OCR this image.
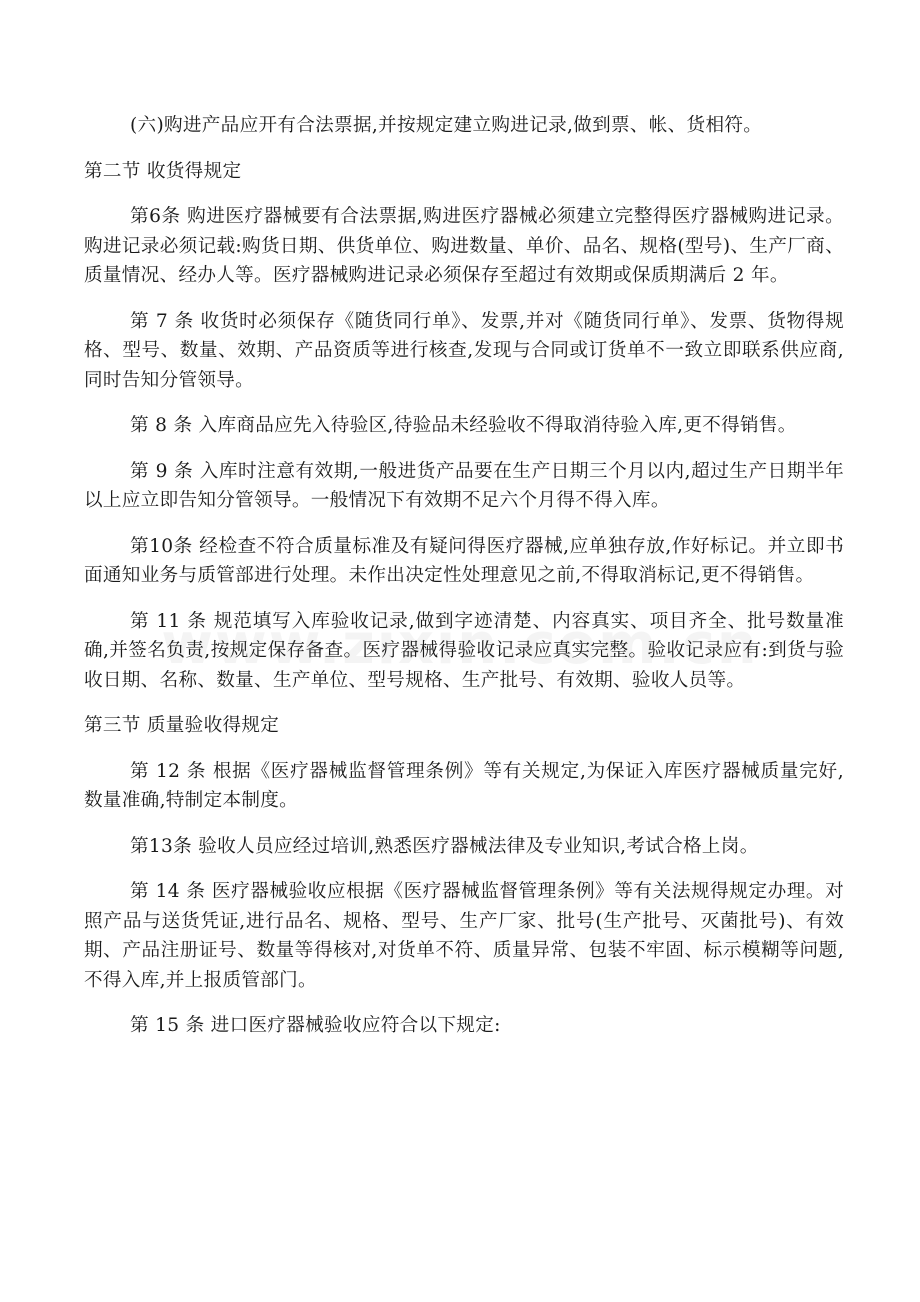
(六)购进产品应开有合法票据,并按规定建立购进记录,做到票、帐、货相符。

第二节 收货得规定

第6条 购进医疗器械要有合法票据,购进医疗器械必须建立完整得医疗器械购进记录。购进记录必须记载:购货日期、供货单位、购进数量、单价、品名、规格(型号)、生产厂商、质量情况、经办人等。医疗器械购进记录必须保存至超过有效期或保质期满后 2 年。

第 7 条 收货时必须保存《随货同行单》、发票,并对《随货同行单》、发票、货物得规格、型号、数量、效期、产品资质等进行核查,发现与合同或订货单不一致立即联系供应商,同时告知分管领导。

第 8 条 入库商品应先入待验区,待验品未经验收不得取消待验入库,更不得销售。

第 9 条 入库时注意有效期,一般进货产品要在生产日期三个月以内,超过生产日期半年以上应立即告知分管领导。一般情况下有效期不足六个月得不得入库。

第10条 经检查不符合质量标准及有疑问得医疗器械,应单独存放,作好标记。并立即书面通知业务与质管部进行处理。未作出决定性处理意见之前,不得取消标记,更不得销售。

第 11 条 规范填写入库验收记录,做到字迹清楚、内容真实、项目齐全、批号数量准确,并签名负责,按规定保存备查。医疗器械得验收记录应真实完整。验收记录应有:到货与验收日期、名称、数量、生产单位、型号规格、生产批号、有效期、验收人员等。

第三节 质量验收得规定

第 12 条 根据《医疗器械监督管理条例》等有关规定,为保证入库医疗器械质量完好,数量准确,特制定本制度。

第13条 验收人员应经过培训,熟悉医疗器械法律及专业知识,考试合格上岗。

第 14 条 医疗器械验收应根据《医疗器械监督管理条例》等有关法规得规定办理。对照产品与送货凭证,进行品名、规格、型号、生产厂家、批号(生产批号、灭菌批号)、有效期、产品注册证号、数量等得核对,对货单不符、质量异常、包装不牢固、标示模糊等问题,不得入库,并上报质管部门。

第 15 条 进口医疗器械验收应符合以下规定:
